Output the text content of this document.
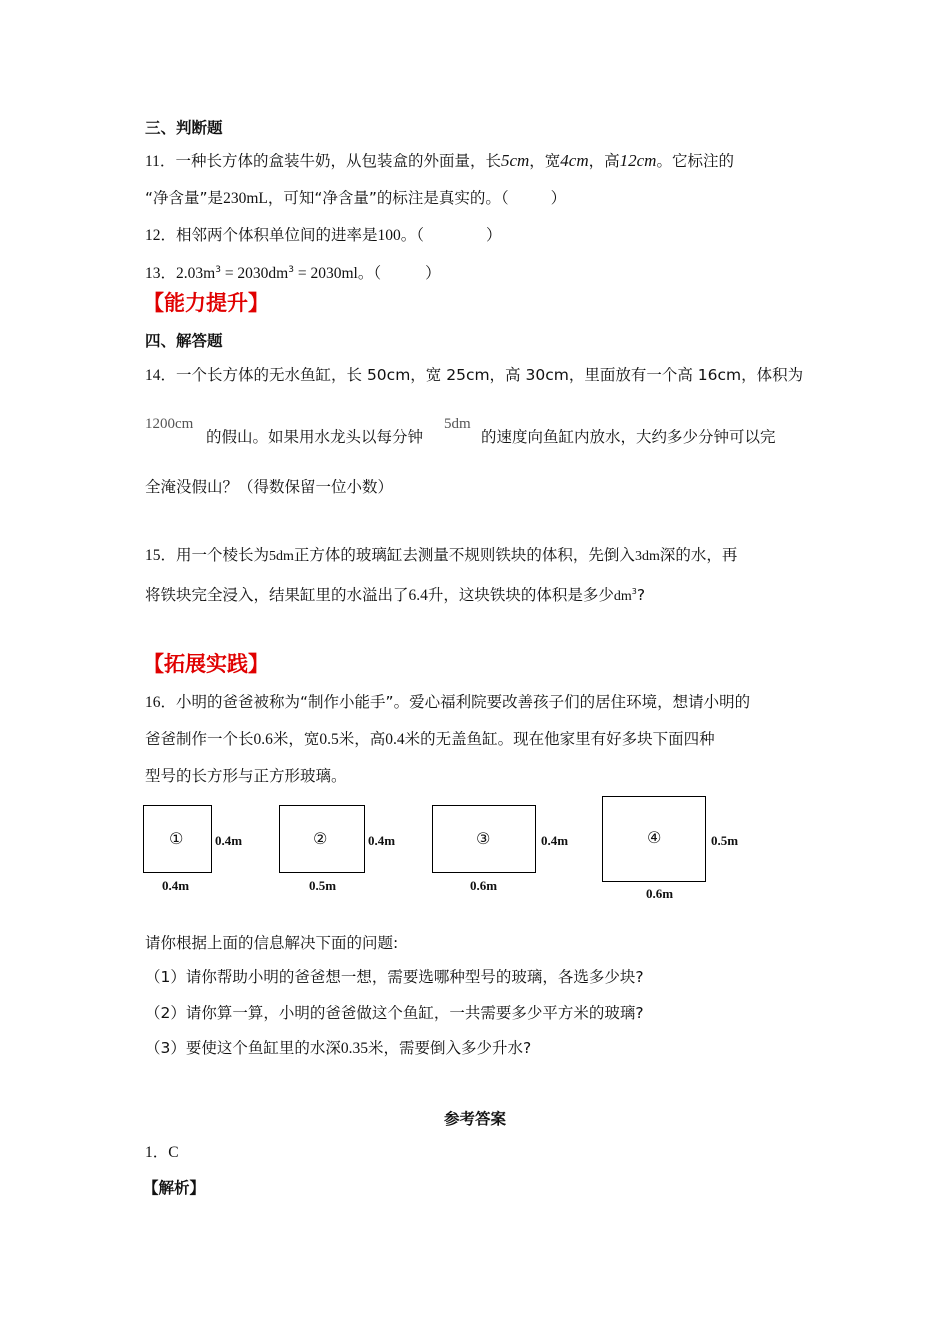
三、判断题
11．一种长方体的盒装牛奶，从包装盒的外面量，长5cm，宽4cm，高12cm。它标注的
“净含量”是230mL，可知“净含量”的标注是真实的。（	）
12．相邻两个体积单位间的进率是100。（	）
13．$2.03m^3 = 2030dm^3 = 2030ml$。（	）
【能力提升】
四、解答题
14．一个长方体的无水鱼缸，长 50cm，宽 25cm，高 30cm，里面放有一个高 16cm，体积为
1200cm
的假山。如果用水龙头以每分钟
5dm
的速度向鱼缸内放水，大约多少分钟可以完
全淹没假山？（得数保留一位小数）
15．用一个棱长为5dm正方体的玻璃缸去测量不规则铁块的体积，先倒入3dm深的水，再
将铁块完全浸入，结果缸里的水溢出了6.4升，这块铁块的体积是多少$dm^3$?
【拓展实践】
16．小明的爸爸被称为“制作小能手”。爱心福利院要改善孩子们的居住环境，想请小明的
爸爸制作一个长0.6米，宽0.5米，高0.4米的无盖鱼缸。现在他家里有好多块下面四种
型号的长方形与正方形玻璃。
① 0.4m
0.4m
②	0.4m
0.5m
③	0.4m
0.6m
④	0.5m
0.6m
请你根据上面的信息解决下面的问题:
（1）请你帮助小明的爸爸想一想，需要选哪种型号的玻璃，各选多少块?
（2）请你算一算，小明的爸爸做这个鱼缸，一共需要多少平方米的玻璃?
（3）要使这个鱼缸里的水深0.35米，需要倒入多少升水?
参考答案
1．C
【解析】
